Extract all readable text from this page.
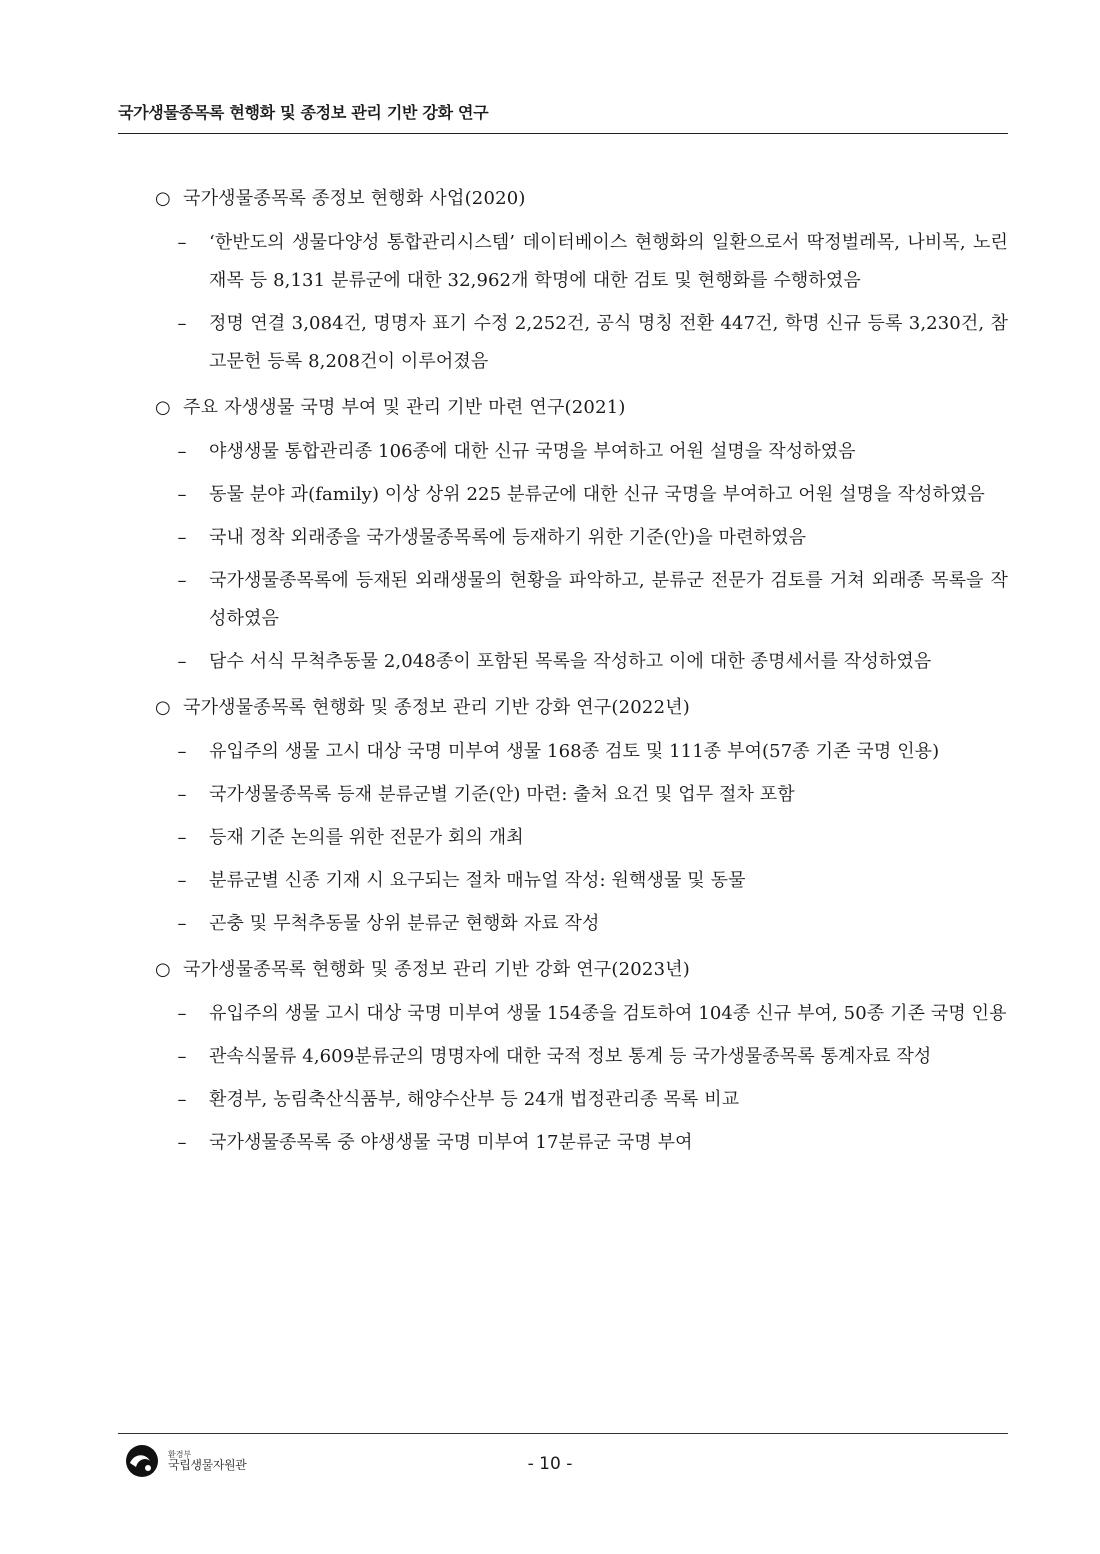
국가생물종목록 현행화 및 종정보 관리 기반 강화 연구
○ 국가생물종목록 종정보 현행화 사업(2020)
–	‘한반도의 생물다양성 통합관리시스템’ 데이터베이스 현행화의 일환으로서 딱정벌레목, 나비목, 노린재목 등 8,131 분류군에 대한 32,962개 학명에 대한 검토 및 현행화를 수행하였음
–	정명 연결 3,084건, 명명자 표기 수정 2,252건, 공식 명칭 전환 447건, 학명 신규 등록 3,230건, 참고문헌 등록 8,208건이 이루어졌음
○ 주요 자생생물 국명 부여 및 관리 기반 마련 연구(2021)
–	야생생물 통합관리종 106종에 대한 신규 국명을 부여하고 어원 설명을 작성하였음
–	동물 분야 과(family) 이상 상위 225 분류군에 대한 신규 국명을 부여하고 어원 설명을 작성하였음
–	국내 정착 외래종을 국가생물종목록에 등재하기 위한 기준(안)을 마련하였음
–	국가생물종목록에 등재된 외래생물의 현황을 파악하고, 분류군 전문가 검토를 거쳐 외래종 목록을 작성하였음
–	담수 서식 무척추동물 2,048종이 포함된 목록을 작성하고 이에 대한 종명세서를 작성하였음
○ 국가생물종목록 현행화 및 종정보 관리 기반 강화 연구(2022년)
–	유입주의 생물 고시 대상 국명 미부여 생물 168종 검토 및 111종 부여(57종 기존 국명 인용)
–	국가생물종목록 등재 분류군별 기준(안) 마련: 출처 요건 및 업무 절차 포함
–	등재 기준 논의를 위한 전문가 회의 개최
–	분류군별 신종 기재 시 요구되는 절차 매뉴얼 작성: 원핵생물 및 동물
–	곤충 및 무척추동물 상위 분류군 현행화 자료 작성
○ 국가생물종목록 현행화 및 종정보 관리 기반 강화 연구(2023년)
–	유입주의 생물 고시 대상 국명 미부여 생물 154종을 검토하여 104종 신규 부여, 50종 기존 국명 인용
–	관속식물류 4,609분류군의 명명자에 대한 국적 정보 통계 등 국가생물종목록 통계자료 작성
–	환경부, 농림축산식품부, 해양수산부 등 24개 법정관리종 목록 비교
–	국가생물종목록 중 야생생물 국명 미부여 17분류군 국명 부여
환경부
국립생물자원관	- 10 -
